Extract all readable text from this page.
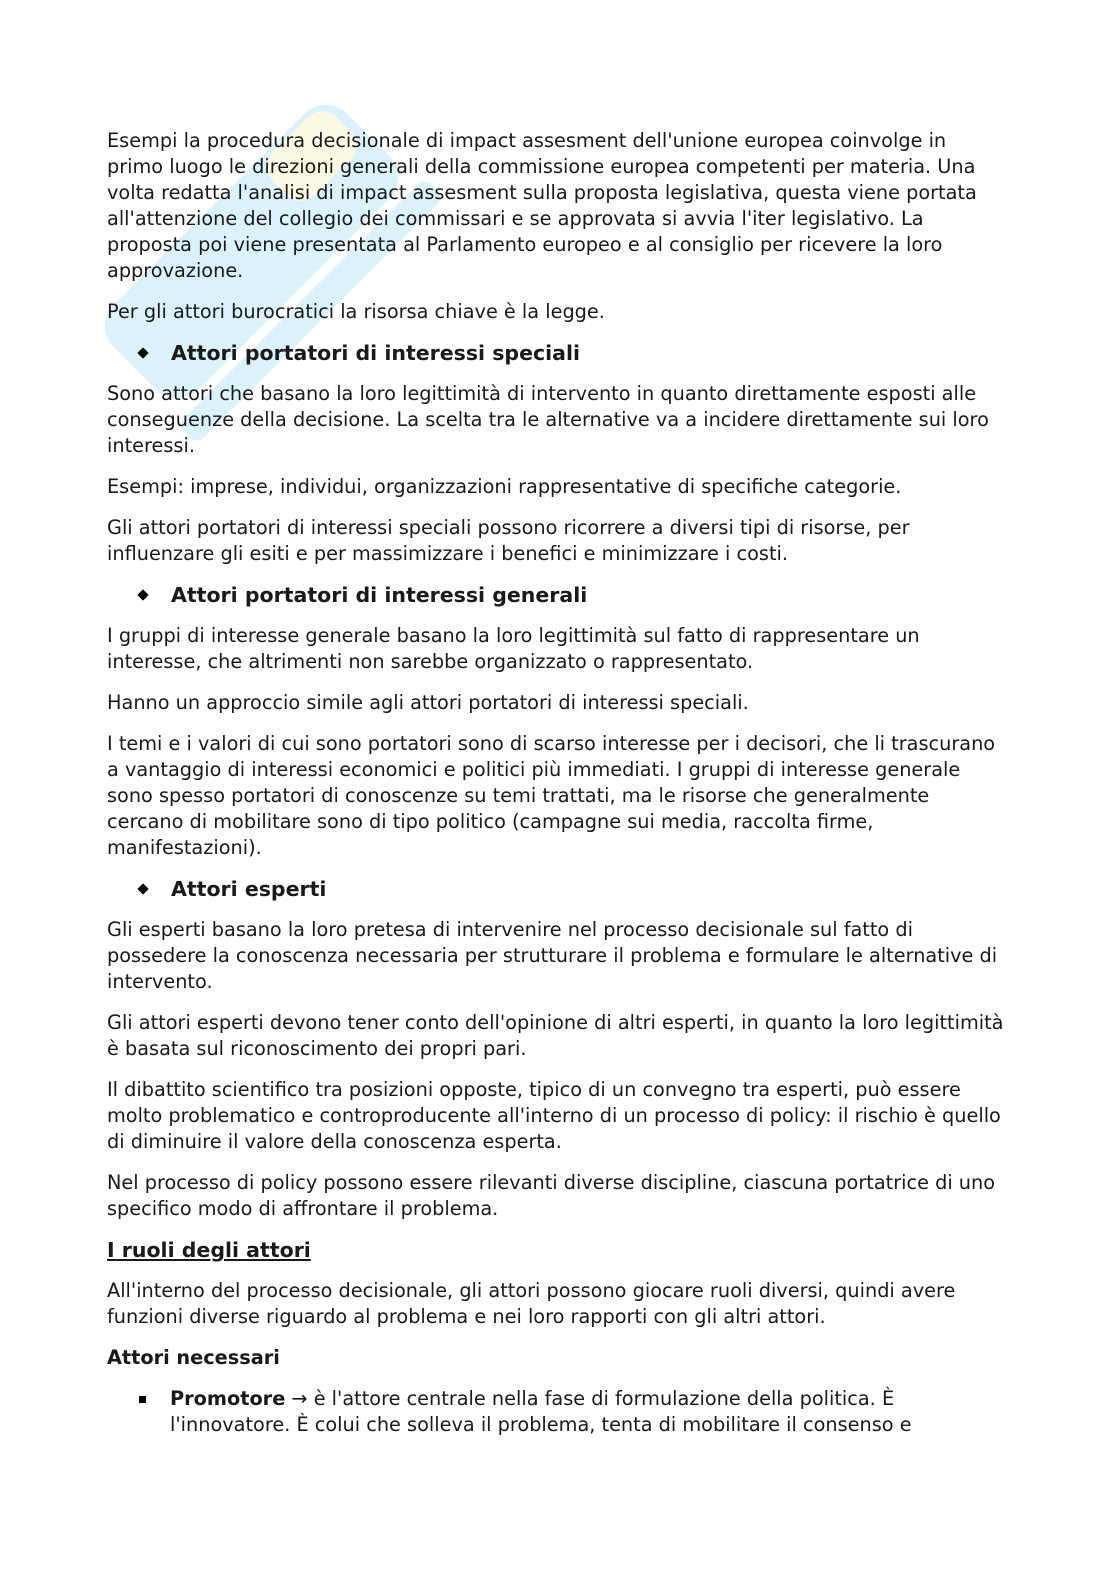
Esempi la procedura decisionale di impact assesment dell'unione europea coinvolge in primo luogo le direzioni generali della commissione europea competenti per materia. Una volta redatta l'analisi di impact assesment sulla proposta legislativa, questa viene portata all'attenzione del collegio dei commissari e se approvata si avvia l'iter legislativo. La proposta poi viene presentata al Parlamento europeo e al consiglio per ricevere la loro approvazione.

Per gli attori burocratici la risorsa chiave è la legge.

Attori portatori di interessi speciali

Sono attori che basano la loro legittimità di intervento in quanto direttamente esposti alle conseguenze della decisione. La scelta tra le alternative va a incidere direttamente sui loro interessi.

Esempi: imprese, individui, organizzazioni rappresentative di specifiche categorie.

Gli attori portatori di interessi speciali possono ricorrere a diversi tipi di risorse, per influenzare gli esiti e per massimizzare i benefici e minimizzare i costi.

Attori portatori di interessi generali

I gruppi di interesse generale basano la loro legittimità sul fatto di rappresentare un interesse, che altrimenti non sarebbe organizzato o rappresentato.

Hanno un approccio simile agli attori portatori di interessi speciali.

I temi e i valori di cui sono portatori sono di scarso interesse per i decisori, che li trascurano a vantaggio di interessi economici e politici più immediati. I gruppi di interesse generale sono spesso portatori di conoscenze su temi trattati, ma le risorse che generalmente cercano di mobilitare sono di tipo politico (campagne sui media, raccolta firme, manifestazioni).

Attori esperti

Gli esperti basano la loro pretesa di intervenire nel processo decisionale sul fatto di possedere la conoscenza necessaria per strutturare il problema e formulare le alternative di intervento.

Gli attori esperti devono tener conto dell'opinione di altri esperti, in quanto la loro legittimità è basata sul riconoscimento dei propri pari.

Il dibattito scientifico tra posizioni opposte, tipico di un convegno tra esperti, può essere molto problematico e controproducente all'interno di un processo di policy: il rischio è quello di diminuire il valore della conoscenza esperta.

Nel processo di policy possono essere rilevanti diverse discipline, ciascuna portatrice di uno specifico modo di affrontare il problema.

I ruoli degli attori

All'interno del processo decisionale, gli attori possono giocare ruoli diversi, quindi avere funzioni diverse riguardo al problema e nei loro rapporti con gli altri attori.

Attori necessari

Promotore → è l'attore centrale nella fase di formulazione della politica. È l'innovatore. È colui che solleva il problema, tenta di mobilitare il consenso e
